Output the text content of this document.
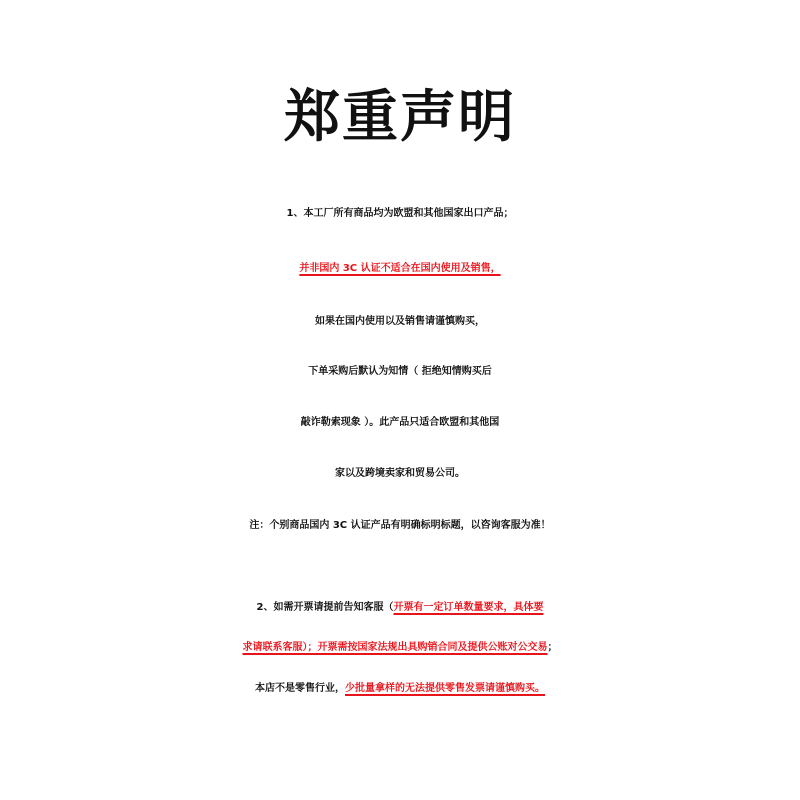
郑重声明
1、本工厂所有商品均为欧盟和其他国家出口产品；
并非国内 3C 认证不适合在国内使用及销售，
如果在国内使用以及销售请谨慎购买，
下单采购后默认为知情（ 拒绝知情购买后
敲诈勒索现象 ）。此产品只适合欧盟和其他国
家以及跨境卖家和贸易公司。
注：个别商品国内 3C 认证产品有明确标明标题，以咨询客服为准！
2、如需开票请提前告知客服（开票有一定订单数量要求，具体要
求请联系客服）；开票需按国家法规出具购销合同及提供公账对公交易；
本店不是零售行业，少批量拿样的无法提供零售发票请谨慎购买。
